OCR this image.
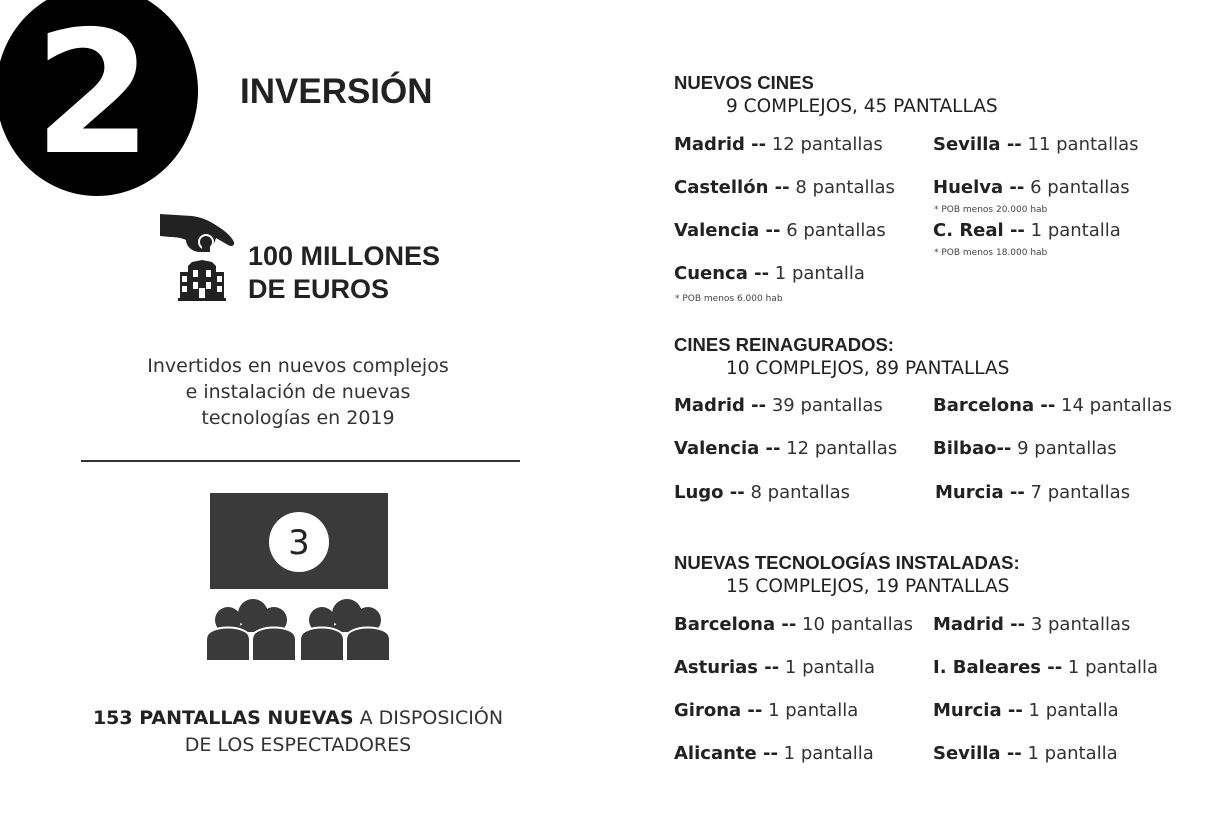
2	INVERSIÓN
100 MILLONES
DE EUROS
Invertidos en nuevos complejos
e instalación de nuevas
tecnologías en 2019
3
153 PANTALLAS NUEVAS A DISPOSICIÓN
DE LOS ESPECTADORES
NUEVOS CINES
9 COMPLEJOS, 45 PANTALLAS
Madrid -- 12 pantallas
Castellón -- 8 pantallas
Valencia -- 6 pantallas
Cuenca -- 1 pantalla
* POB menos 6.000 hab
Sevilla -- 11 pantallas
Huelva -- 6 pantallas
* POB menos 20.000 hab
C. Real -- 1 pantalla
* POB menos 18.000 hab
CINES REINAGURADOS:
10 COMPLEJOS, 89 PANTALLAS
Madrid -- 39 pantallas
Valencia -- 12 pantallas
Lugo -- 8 pantallas
Barcelona -- 14 pantallas
Bilbao-- 9 pantallas
Murcia -- 7 pantallas
NUEVAS TECNOLOGÍAS INSTALADAS:
15 COMPLEJOS, 19 PANTALLAS
Barcelona -- 10 pantallas
Asturias -- 1 pantalla
Girona -- 1 pantalla
Alicante -- 1 pantalla
Madrid -- 3 pantallas
I. Baleares -- 1 pantalla
Murcia -- 1 pantalla
Sevilla -- 1 pantalla
